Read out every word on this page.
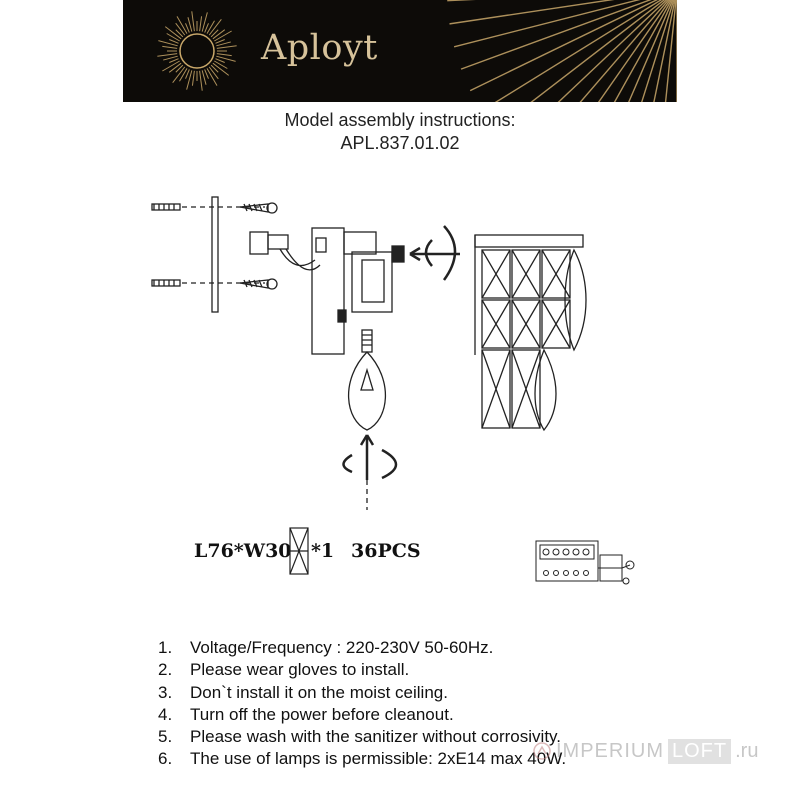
Aployt
Model assembly instructions:
APL.837.01.02
L76*W30 *1 36PCS
1. Voltage/Frequency : 220-230V 50-60Hz.
2. Please wear gloves to install.
3. Don`t install it on the moist ceiling.
4. Turn off the power before cleanout.
5. Please wash with the sanitizer without corrosivity.
6. The use of lamps is permissible: 2xE14 max 40W.
IMPERIUM LOFT .ru
